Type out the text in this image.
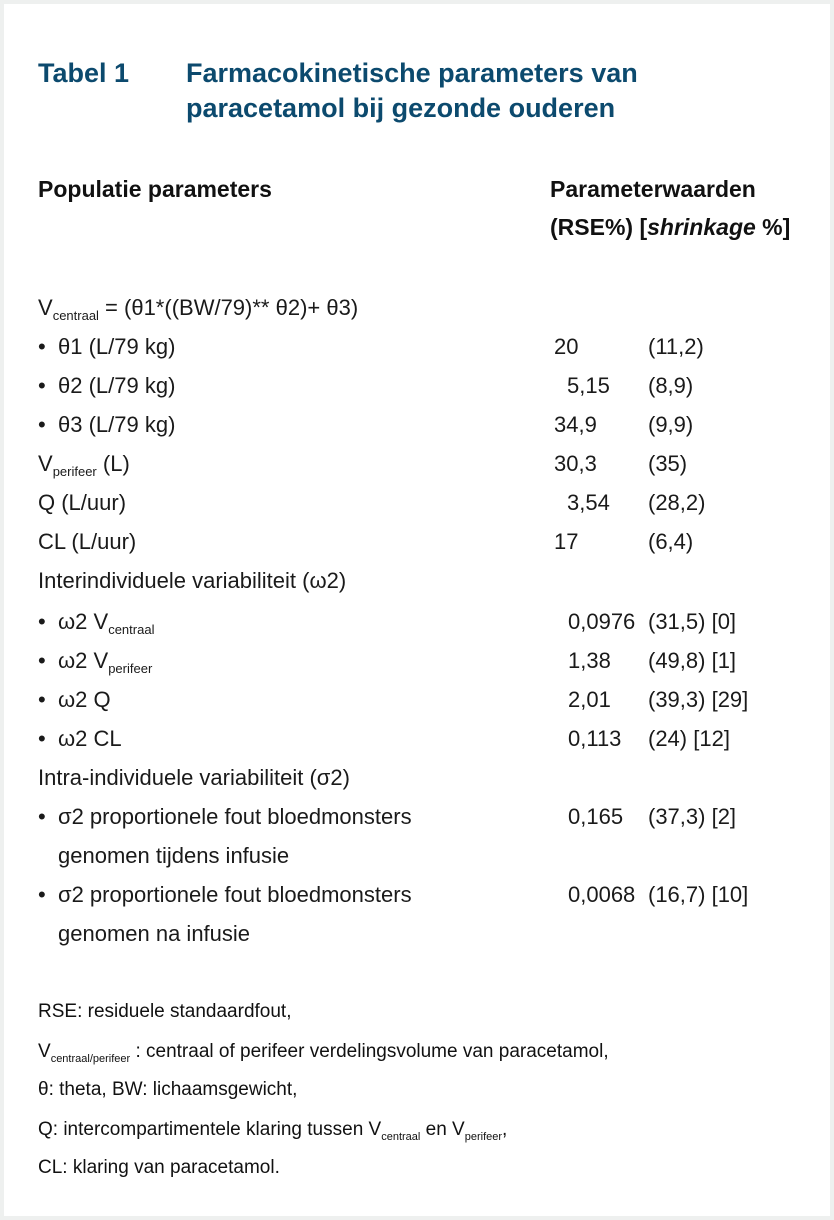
Tabel 1	Farmacokinetische parameters van paracetamol bij gezonde ouderen
Populatie parameters	Parameterwaarden
(RSE%) [shrinkage %]
$V_{centraal} = (\theta 1*((BW/79)**$ θ2)+ θ3)
• θ1 (L/79 kg)	20	(11,2)
• θ2 (L/79 kg)	5,15 (8,9)
• θ3 (L/79 kg)	34,9 (9,9)
$V_{perifeer}$ (L)	30,3 (35)
Q (L/uur)	3,54 (28,2)
CL (L/uur)	17	(6,4)
Interindividuele variabiliteit (ω2)
• ω2 $V_{centraal}$	0,0976 (31,5) [0]
• ω2 $V_{perifeer}$	1,38 (49,8) [1]
• ω2 Q	2,01 (39,3) [29]
• ω2 CL	0,113 (24) [12]
Intra-individuele variabiliteit (σ2)
• σ2 proportionele fout bloedmonsters	0,165 (37,3) [2]
genomen tijdens infusie
• σ2 proportionele fout bloedmonsters	0,0068 (16,7) [10]
genomen na infusie
RSE: residuele standaardfout,
$V_{centraal/perifeer}$ : centraal of perifeer verdelingsvolume van paracetamol,
θ: theta, BW: lichaamsgewicht,
Q: intercompartimentele klaring tussen $V_{centraal}$ en $V_{perifeer}$,
CL: klaring van paracetamol.
